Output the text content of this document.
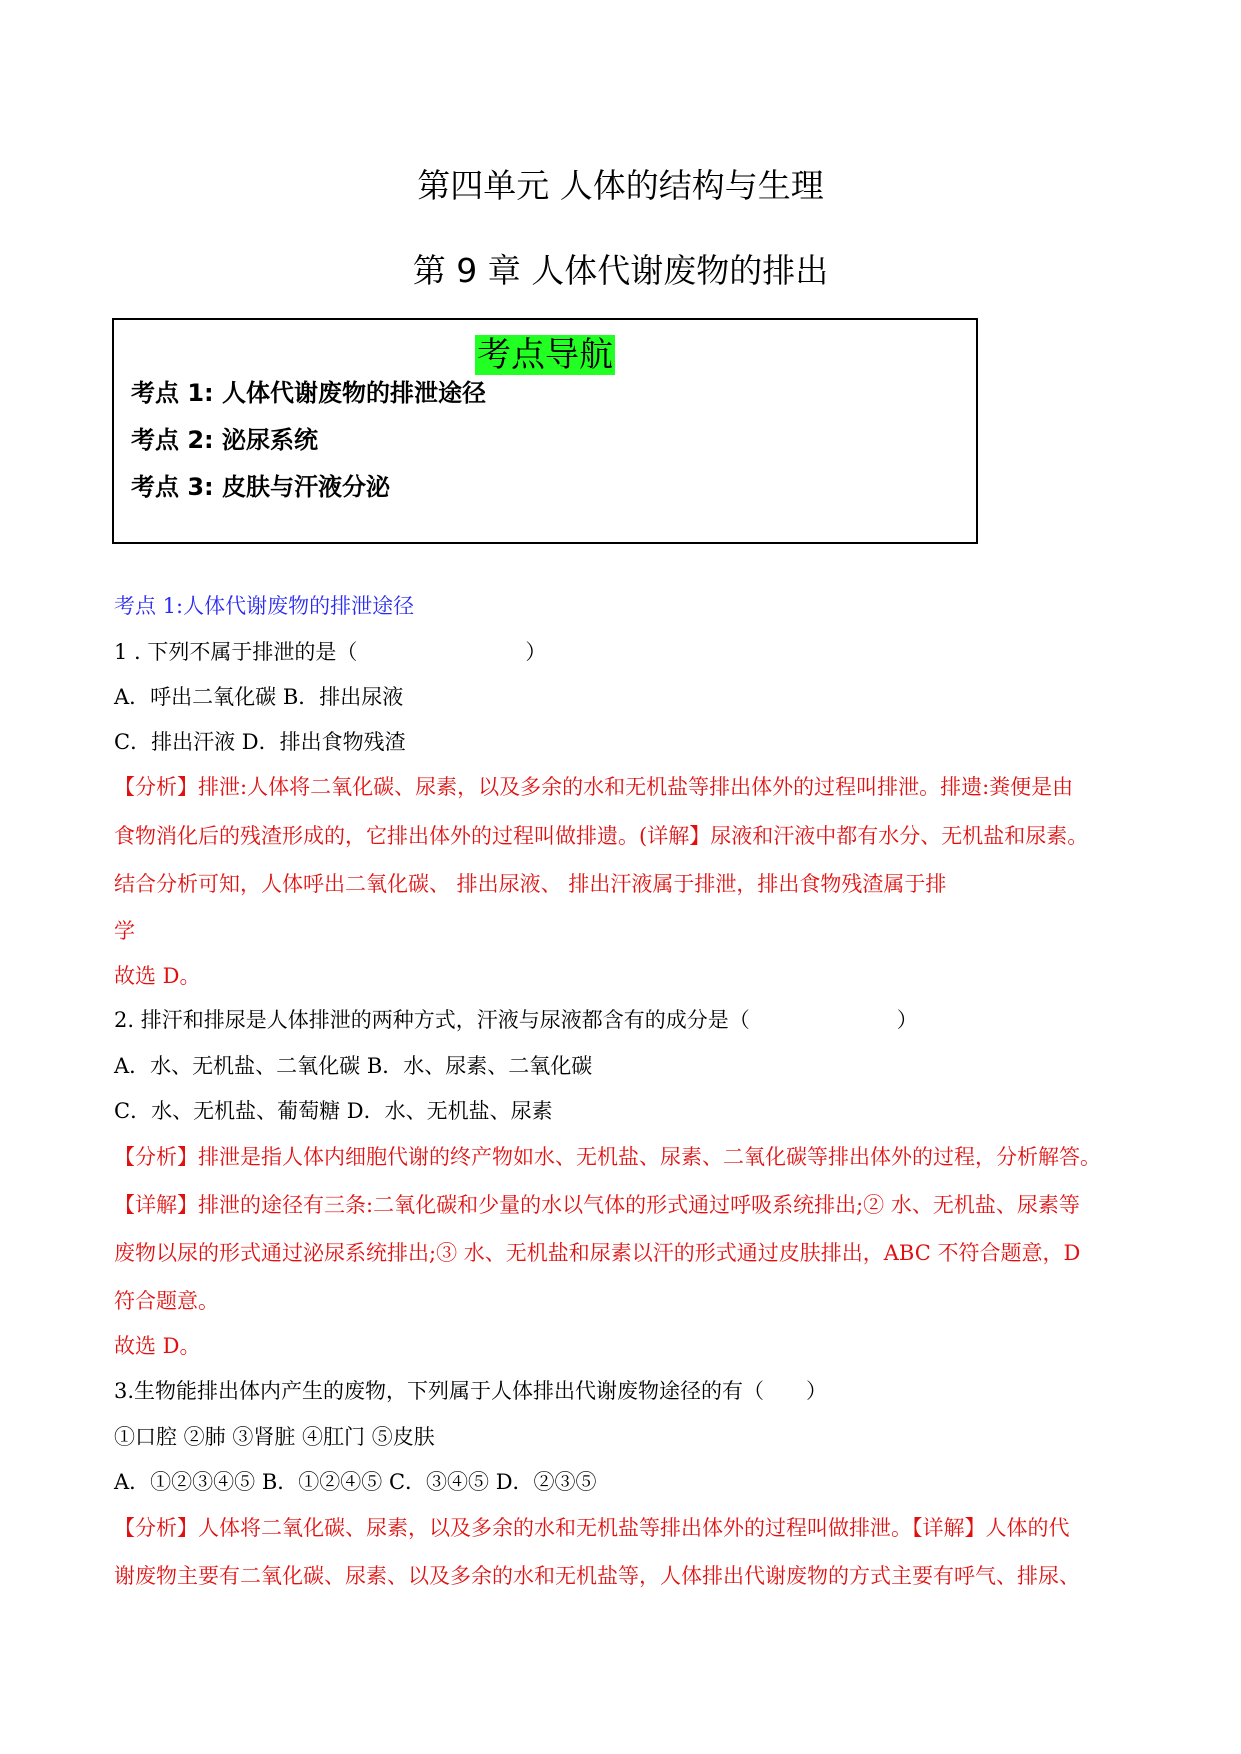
第四单元 人体的结构与生理
第 9 章 人体代谢废物的排出
考点导航
考点 1: 人体代谢废物的排泄途径
考点 2: 泌尿系统
考点 3: 皮肤与汗液分泌
考点 1:人体代谢废物的排泄途径
1 . 下列不属于排泄的是（　　　　　　　　）
A．呼出二氧化碳 B．排出尿液
C．排出汗液 D．排出食物残渣
【分析】排泄:人体将二氧化碳、尿素，以及多余的水和无机盐等排出体外的过程叫排泄。排遗:粪便是由
食物消化后的残渣形成的，它排出体外的过程叫做排遗。(详解】尿液和汗液中都有水分、无机盐和尿素。
结合分析可知，人体呼出二氧化碳、 排出尿液、 排出汗液属于排泄，排出食物残渣属于排
学
故选 D。
2. 排汗和排尿是人体排泄的两种方式，汗液与尿液都含有的成分是（　　　　　　　）
A．水、无机盐、二氧化碳 B．水、尿素、二氧化碳
C．水、无机盐、葡萄糖 D．水、无机盐、尿素
【分析】排泄是指人体内细胞代谢的终产物如水、无机盐、尿素、二氧化碳等排出体外的过程，分析解答。
【详解】排泄的途径有三条:二氧化碳和少量的水以气体的形式通过呼吸系统排出;② 水、无机盐、尿素等
废物以尿的形式通过泌尿系统排出;③ 水、无机盐和尿素以汗的形式通过皮肤排出，ABC 不符合题意，D
符合题意。
故选 D。
3.生物能排出体内产生的废物，下列属于人体排出代谢废物途径的有（　　）
①口腔 ②肺 ③肾脏 ④肛门 ⑤皮肤
A．①②③④⑤ B．①②④⑤ C．③④⑤ D．②③⑤
【分析】人体将二氧化碳、尿素，以及多余的水和无机盐等排出体外的过程叫做排泄。【详解】人体的代
谢废物主要有二氧化碳、尿素、以及多余的水和无机盐等，人体排出代谢废物的方式主要有呼气、排尿、
